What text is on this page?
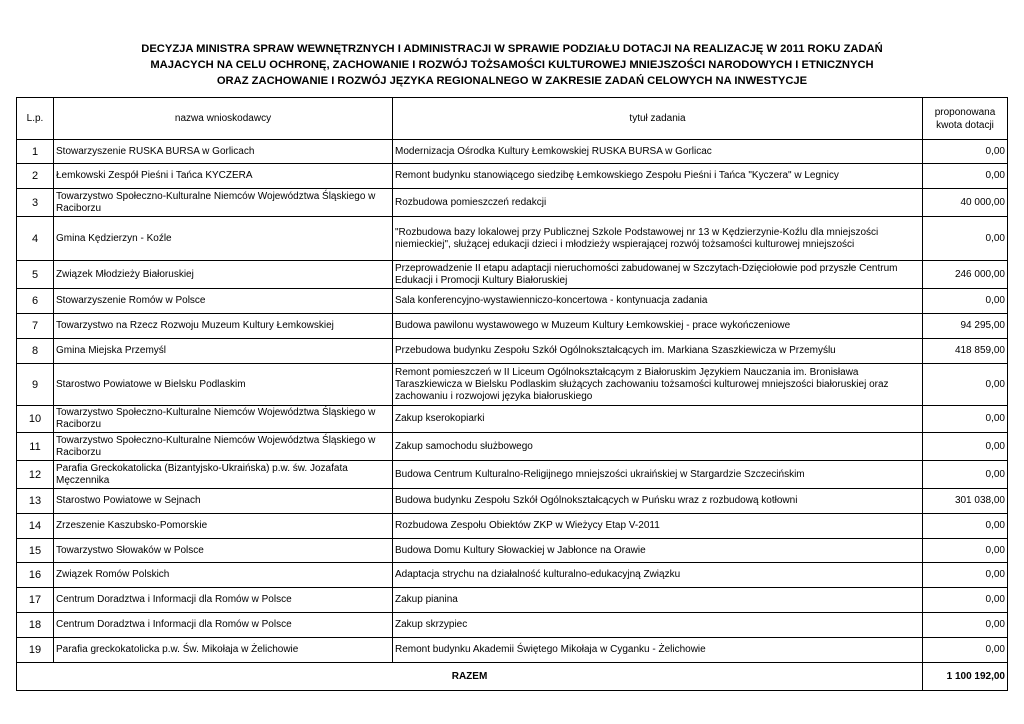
DECYZJA MINISTRA SPRAW WEWNĘTRZNYCH I ADMINISTRACJI W SPRAWIE PODZIAŁU DOTACJI NA REALIZACJĘ W 2011 ROKU ZADAŃ
MAJACYCH NA CELU OCHRONĘ, ZACHOWANIE I ROZWÓJ TOŻSAMOŚCI KULTUROWEJ MNIEJSZOŚCI NARODOWYCH I ETNICZNYCH
ORAZ ZACHOWANIE I ROZWÓJ JĘZYKA REGIONALNEGO W ZAKRESIE ZADAŃ CELOWYCH NA INWESTYCJE
L.p.	nazwa wnioskodawcy	tytuł zadania	proponowana kwota dotacji
1	Stowarzyszenie RUSKA BURSA w Gorlicach	Modernizacja Ośrodka Kultury Łemkowskiej RUSKA BURSA w Gorlicac	0,00
2	Łemkowski Zespół Pieśni i Tańca KYCZERA	Remont budynku stanowiącego siedzibę Łemkowskiego Zespołu Pieśni i Tańca "Kyczera" w Legnicy	0,00
3	Towarzystwo Społeczno-Kulturalne Niemców Województwa Śląskiego w Raciborzu	Rozbudowa pomieszczeń redakcji	40 000,00
4	Gmina Kędzierzyn - Koźle	"Rozbudowa bazy lokalowej przy Publicznej Szkole Podstawowej nr 13 w Kędzierzynie-Koźlu dla mniejszości niemieckiej", służącej edukacji dzieci i młodzieży wspierającej rozwój tożsamości kulturowej mniejszości	0,00
5	Związek Młodzieży Białoruskiej	Przeprowadzenie II etapu adaptacji nieruchomości zabudowanej w Szczytach-Dzięciołowie pod przyszłe Centrum Edukacji i Promocji Kultury Białoruskiej	246 000,00
6	Stowarzyszenie Romów w Polsce	Sala konferencyjno-wystawienniczo-koncertowa - kontynuacja zadania	0,00
7	Towarzystwo na Rzecz Rozwoju Muzeum Kultury Łemkowskiej	Budowa pawilonu wystawowego w Muzeum Kultury Łemkowskiej - prace wykończeniowe	94 295,00
8	Gmina Miejska Przemyśl	Przebudowa budynku Zespołu Szkół Ogólnokształcących im. Markiana Szaszkiewicza w Przemyślu	418 859,00
9	Starostwo Powiatowe w Bielsku Podlaskim	Remont pomieszczeń w II Liceum Ogólnokształcącym z Białoruskim Językiem Nauczania im. Bronisława Taraszkiewicza w Bielsku Podlaskim służących zachowaniu tożsamości kulturowej mniejszości białoruskiej oraz zachowaniu i rozwojowi języka białoruskiego	0,00
10	Towarzystwo Społeczno-Kulturalne Niemców Województwa Śląskiego w Raciborzu	Zakup kserokopiarki	0,00
11	Towarzystwo Społeczno-Kulturalne Niemców Województwa Śląskiego w Raciborzu	Zakup samochodu służbowego	0,00
12	Parafia Greckokatolicka (Bizantyjsko-Ukraińska) p.w. św. Jozafata Męczennika	Budowa Centrum Kulturalno-Religijnego mniejszości ukraińskiej w Stargardzie Szczecińskim	0,00
13	Starostwo Powiatowe w Sejnach	Budowa budynku Zespołu Szkół Ogólnokształcących w Puńsku wraz z rozbudową kotłowni	301 038,00
14	Zrzeszenie Kaszubsko-Pomorskie	Rozbudowa Zespołu Obiektów ZKP w Wieżycy Etap V-2011	0,00
15	Towarzystwo Słowaków w Polsce	Budowa Domu Kultury Słowackiej w Jabłonce na Orawie	0,00
16	Związek Romów Polskich	Adaptacja strychu na działalność kulturalno-edukacyjną Związku	0,00
17	Centrum Doradztwa i Informacji dla Romów w Polsce	Zakup pianina	0,00
18	Centrum Doradztwa i Informacji dla Romów w Polsce	Zakup skrzypiec	0,00
19	Parafia greckokatolicka p.w. Św. Mikołaja w Żelichowie	Remont budynku Akademii Świętego Mikołaja w Cyganku - Żelichowie	0,00
RAZEM			1 100 192,00
